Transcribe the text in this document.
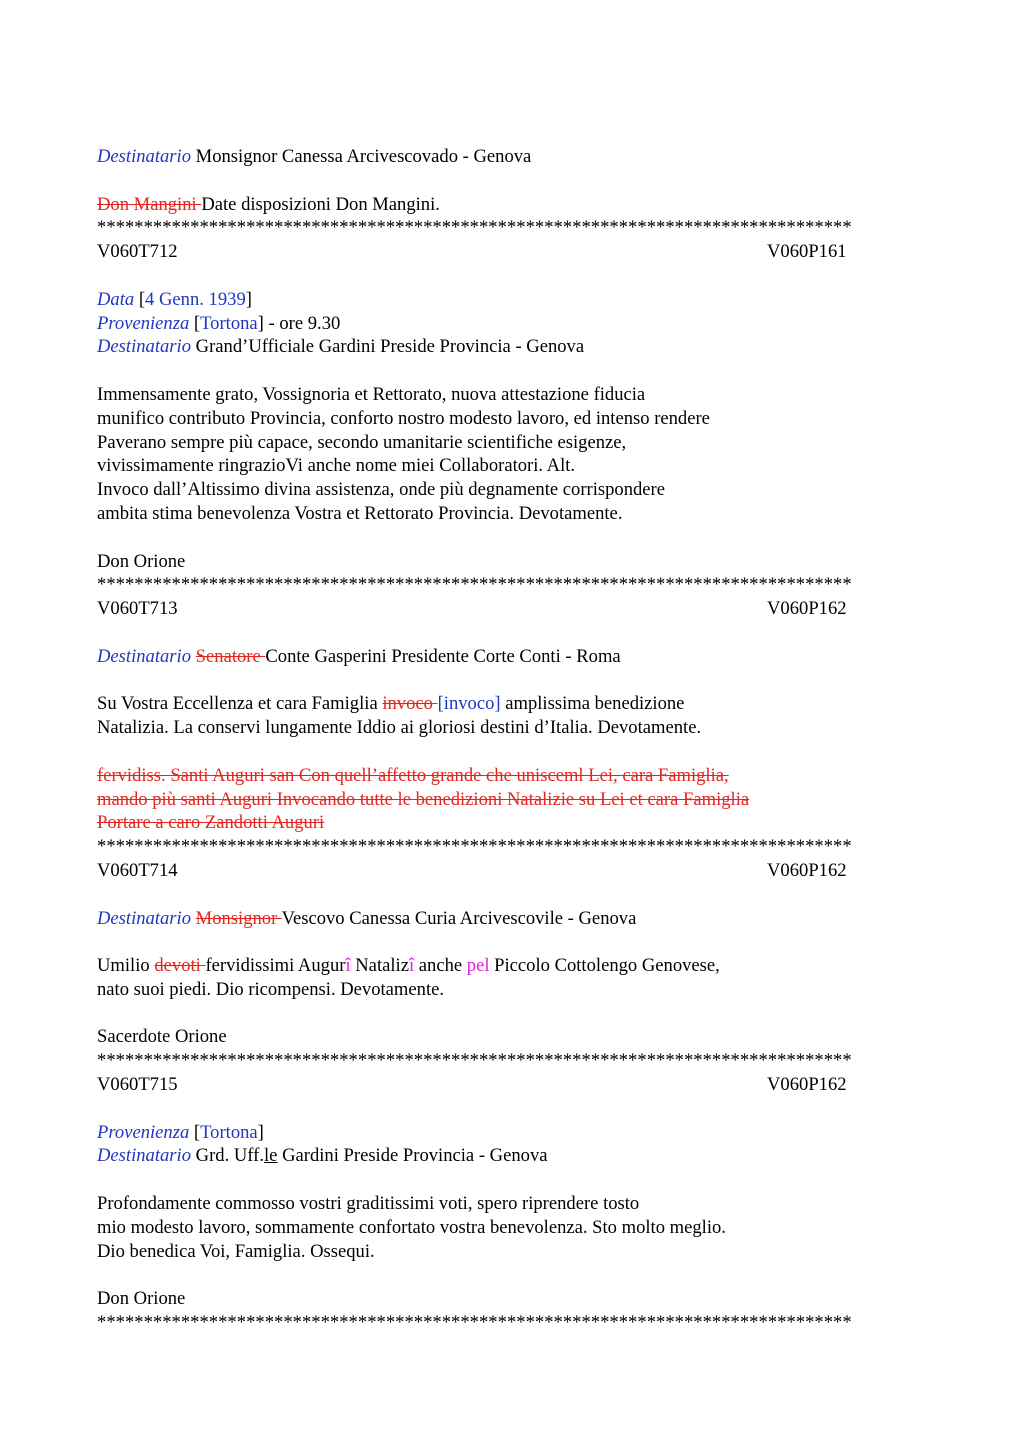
Destinatario Monsignor Canessa Arcivescovado - Genova
Don Mangini Date disposizioni Don Mangini.
*********************************************************************************
V060T712	V060P161
Data [4 Genn. 1939]
Provenienza [Tortona] - ore 9.30
Destinatario Grand’Ufficiale Gardini Preside Provincia - Genova
Immensamente grato, Vossignoria et Rettorato, nuova attestazione fiducia
munifico contributo Provincia, conforto nostro modesto lavoro, ed intenso rendere
Paverano sempre più capace, secondo umanitarie scientifiche esigenze,
vivissimamente ringrazioVi anche nome miei Collaboratori. Alt.
Invoco dall’Altissimo divina assistenza, onde più degnamente corrispondere
ambita stima benevolenza Vostra et Rettorato Provincia. Devotamente.
Don Orione
*********************************************************************************
V060T713	V060P162
Destinatario Senatore Conte Gasperini Presidente Corte Conti - Roma
Su Vostra Eccellenza et cara Famiglia invoco [invoco] amplissima benedizione
Natalizia. La conservi lungamente Iddio ai gloriosi destini d’Italia. Devotamente.
fervidiss. Santi Auguri san Con quell’affetto grande che unisceml Lei, cara Famiglia,
mando più santi Auguri Invocando tutte le benedizioni Natalizie su Lei et cara Famiglia
Portare a caro Zandotti Auguri
*********************************************************************************
V060T714	V060P162
Destinatario Monsignor Vescovo Canessa Curia Arcivescovile - Genova
Umilio devoti fervidissimi Augurî Natalizî anche pel Piccolo Cottolengo Genovese,
nato suoi piedi. Dio ricompensi. Devotamente.
Sacerdote Orione
*********************************************************************************
V060T715	V060P162
Provenienza [Tortona]
Destinatario Grd. Uff.le Gardini Preside Provincia - Genova
Profondamente commosso vostri graditissimi voti, spero riprendere tosto
mio modesto lavoro, sommamente confortato vostra benevolenza. Sto molto meglio.
Dio benedica Voi, Famiglia. Ossequi.
Don Orione
*********************************************************************************
